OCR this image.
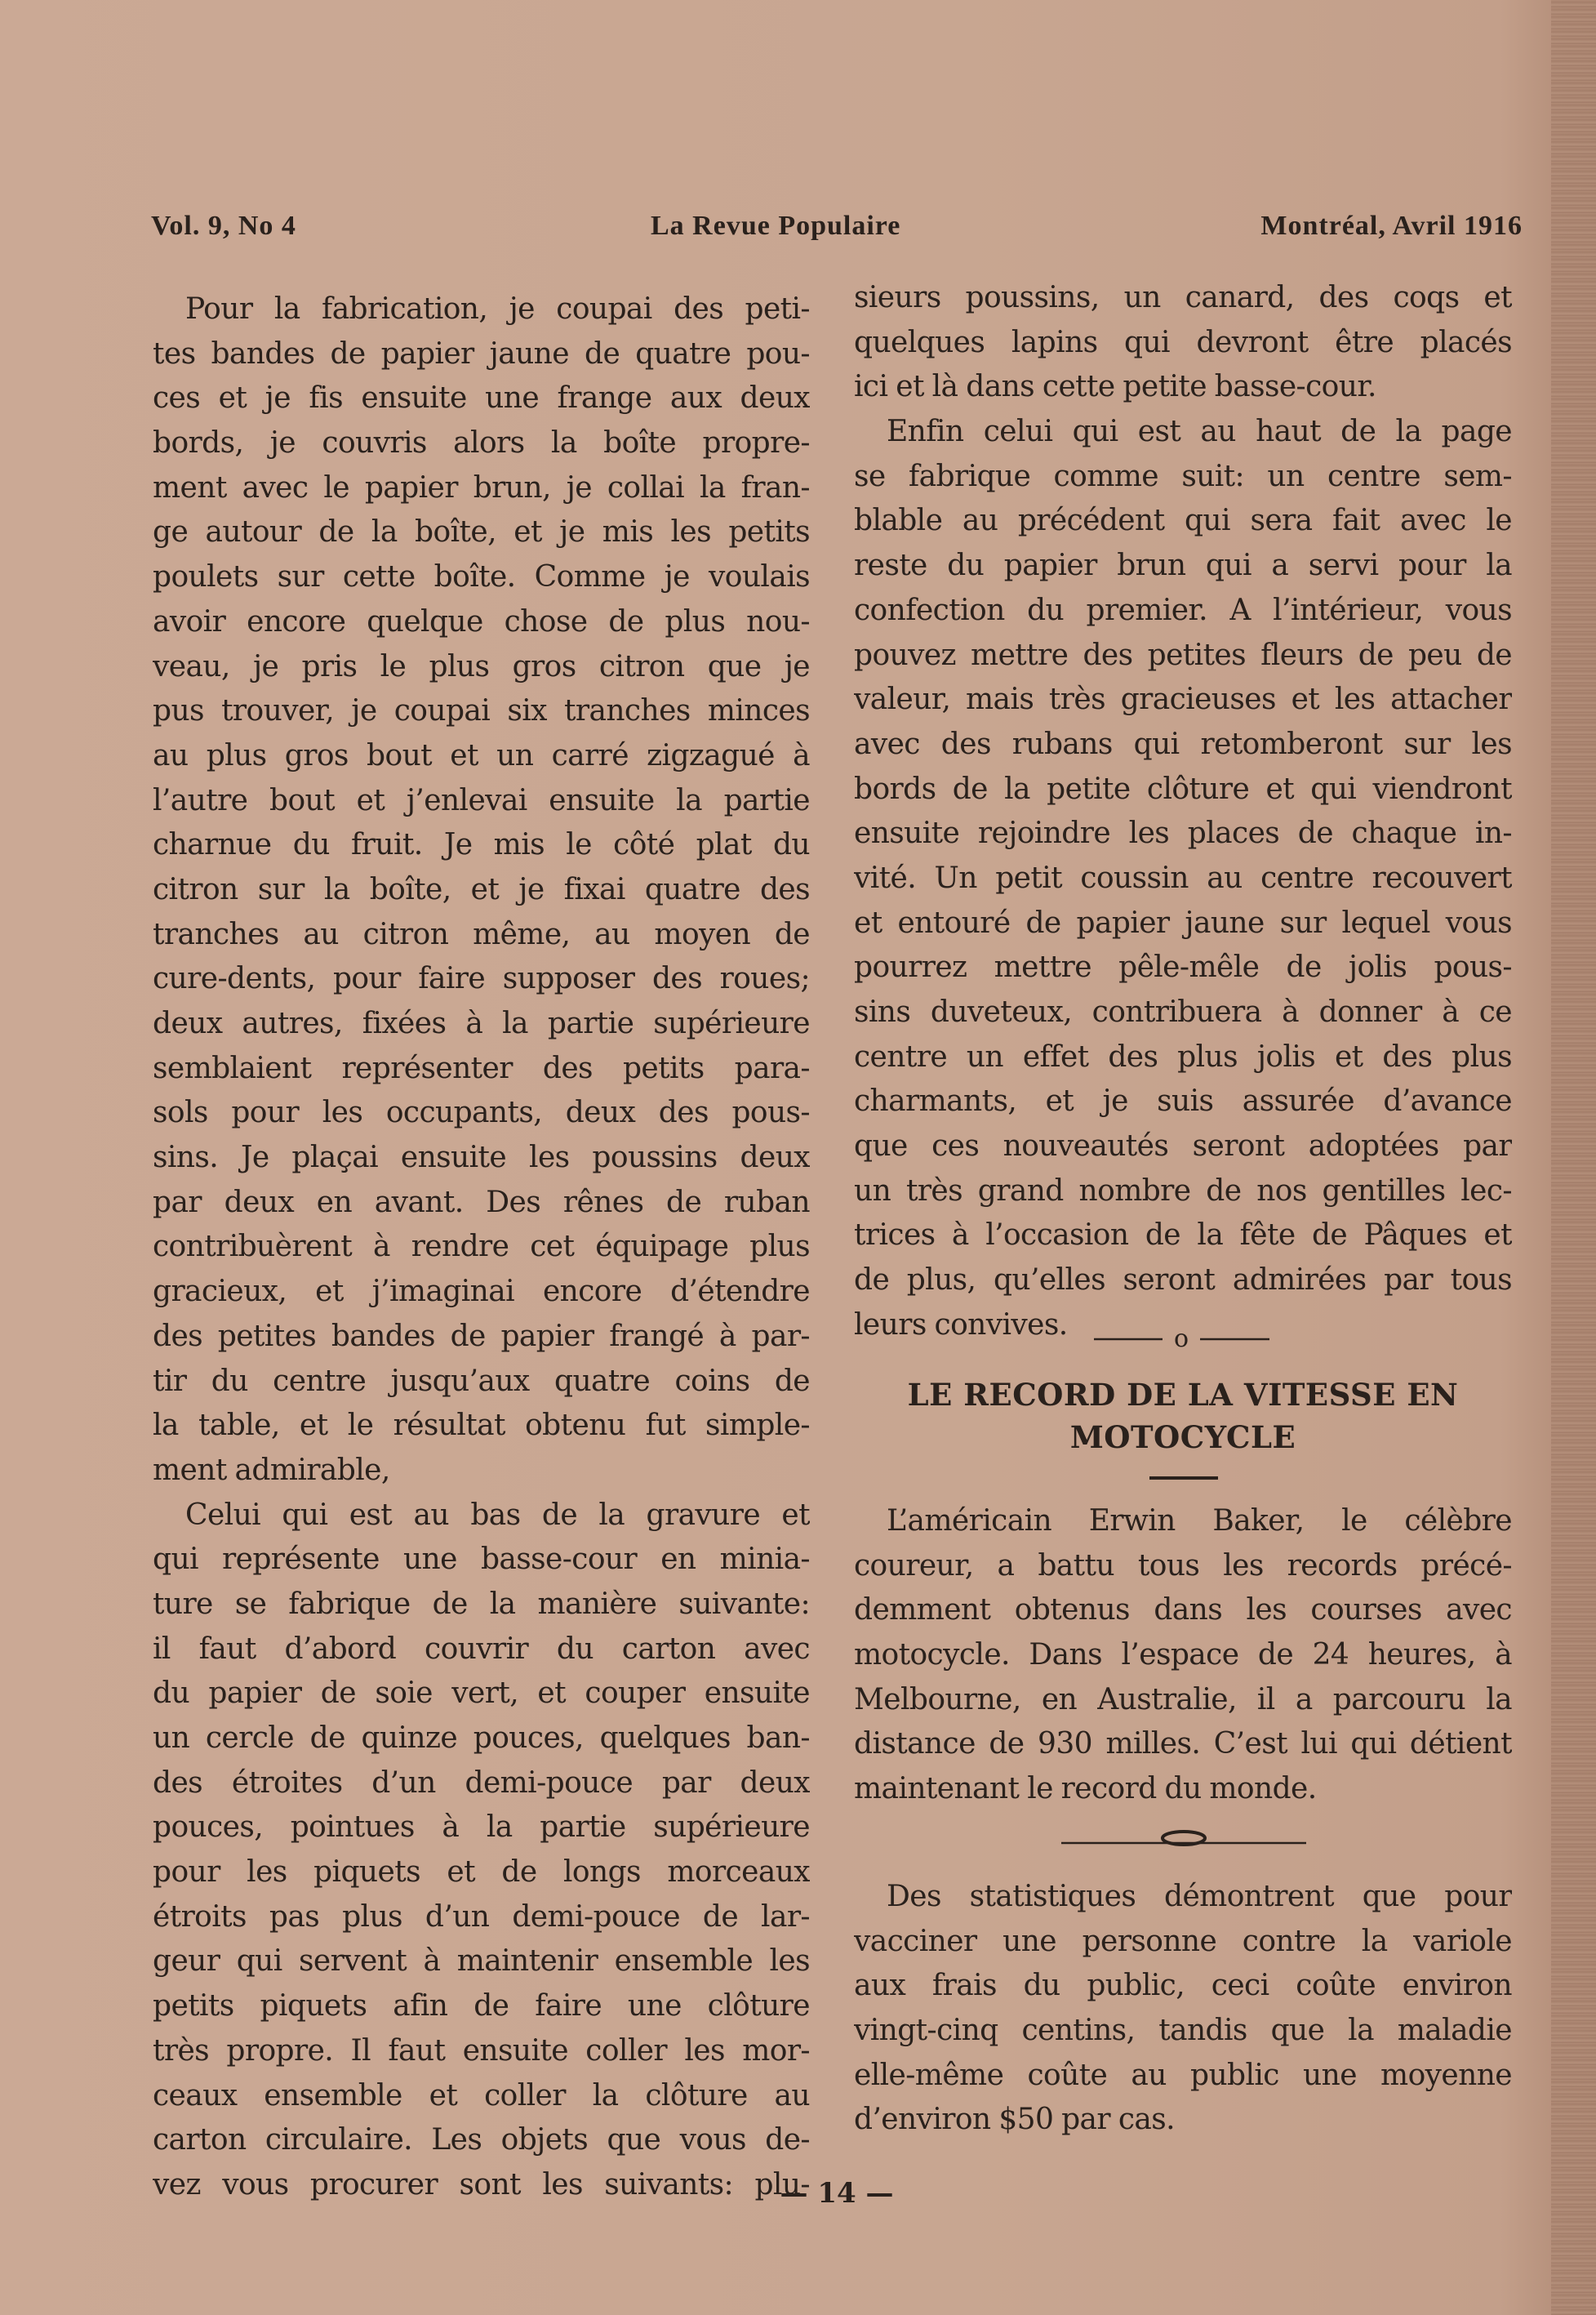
Vol. 9, No 4	La Revue Populaire	Montréal, Avril 1916
Pour la fabrication, je coupai des peti-
tes bandes de papier jaune de quatre pou-
ces et je fis ensuite une frange aux deux
bords, je couvris alors la boîte propre-
ment avec le papier brun, je collai la fran-
ge autour de la boîte, et je mis les petits
poulets sur cette boîte. Comme je voulais
avoir encore quelque chose de plus nou-
veau, je pris le plus gros citron que je
pus trouver, je coupai six tranches minces
au plus gros bout et un carré zigzagué à
l’autre bout et j’enlevai ensuite la partie
charnue du fruit. Je mis le côté plat du
citron sur la boîte, et je fixai quatre des
tranches au citron même, au moyen de
cure-dents, pour faire supposer des roues;
deux autres, fixées à la partie supérieure
semblaient représenter des petits para-
sols pour les occupants, deux des pous-
sins. Je plaçai ensuite les poussins deux
par deux en avant. Des rênes de ruban
contribuèrent à rendre cet équipage plus
gracieux, et j’imaginai encore d’étendre
des petites bandes de papier frangé à par-
tir du centre jusqu’aux quatre coins de
la table, et le résultat obtenu fut simple-
ment admirable,
Celui qui est au bas de la gravure et
qui représente une basse-cour en minia-
ture se fabrique de la manière suivante:
il faut d’abord couvrir du carton avec
du papier de soie vert, et couper ensuite
un cercle de quinze pouces, quelques ban-
des étroites d’un demi-pouce par deux
pouces, pointues à la partie supérieure
pour les piquets et de longs morceaux
étroits pas plus d’un demi-pouce de lar-
geur qui servent à maintenir ensemble les
petits piquets afin de faire une clôture
très propre. Il faut ensuite coller les mor-
ceaux ensemble et coller la clôture au
carton circulaire. Les objets que vous de-
vez vous procurer sont les suivants: plu-
sieurs poussins, un canard, des coqs et
quelques lapins qui devront être placés
ici et là dans cette petite basse-cour.
Enfin celui qui est au haut de la page
se fabrique comme suit: un centre sem-
blable au précédent qui sera fait avec le
reste du papier brun qui a servi pour la
confection du premier. A l’intérieur, vous
pouvez mettre des petites fleurs de peu de
valeur, mais très gracieuses et les attacher
avec des rubans qui retomberont sur les
bords de la petite clôture et qui viendront
ensuite rejoindre les places de chaque in-
vité. Un petit coussin au centre recouvert
et entouré de papier jaune sur lequel vous
pourrez mettre pêle-mêle de jolis pous-
sins duveteux, contribuera à donner à ce
centre un effet des plus jolis et des plus
charmants, et je suis assurée d’avance
que ces nouveautés seront adoptées par
un très grand nombre de nos gentilles lec-
trices à l’occasion de la fête de Pâques et
de plus, qu’elles seront admirées par tous
leurs convives.	o
LE RECORD DE LA VITESSE EN
MOTOCYCLE
L’américain Erwin Baker, le célèbre
coureur, a battu tous les records précé-
demment obtenus dans les courses avec
motocycle. Dans l’espace de 24 heures, à
Melbourne, en Australie, il a parcouru la
distance de 930 milles. C’est lui qui détient
maintenant le record du monde.
Des statistiques démontrent que pour
vacciner une personne contre la variole
aux frais du public, ceci coûte environ
vingt-cinq centins, tandis que la maladie
elle-même coûte au public une moyenne
d’environ $50 par cas.
— 14 —
